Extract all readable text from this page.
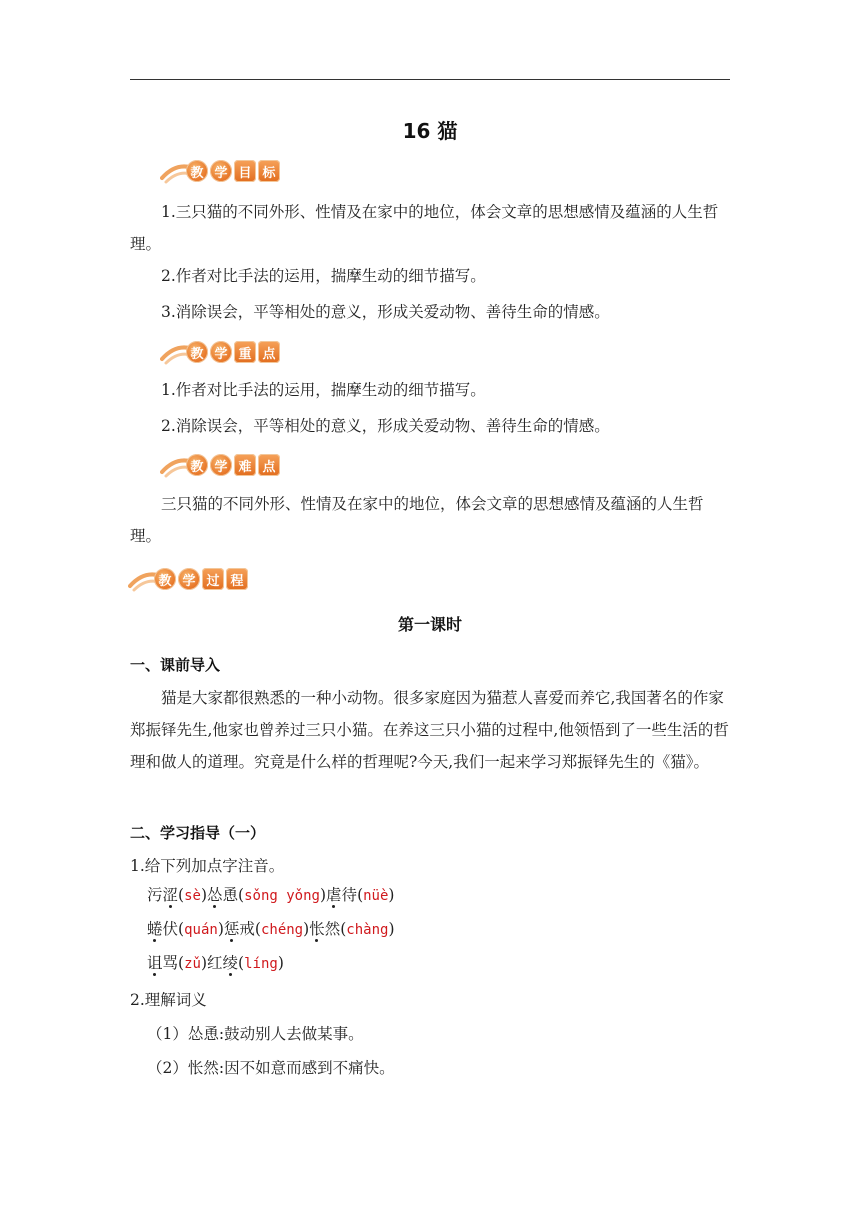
16 猫
教 学 目 标
1.三只猫的不同外形、性情及在家中的地位，体会文章的思想感情及蕴涵的人生哲理。
2.作者对比手法的运用，揣摩生动的细节描写。
3.消除误会，平等相处的意义，形成关爱动物、善待生命的情感。
教 学 重 点
1.作者对比手法的运用，揣摩生动的细节描写。
2.消除误会，平等相处的意义，形成关爱动物、善待生命的情感。
教 学 难 点
三只猫的不同外形、性情及在家中的地位，体会文章的思想感情及蕴涵的人生哲理。
教 学 过 程
第一课时
一、课前导入
猫是大家都很熟悉的一种小动物。很多家庭因为猫惹人喜爱而养它,我国著名的作家郑振铎先生,他家也曾养过三只小猫。在养这三只小猫的过程中,他领悟到了一些生活的哲理和做人的道理。究竟是什么样的哲理呢?今天,我们一起来学习郑振铎先生的《猫》。
二、学习指导（一）
1.给下列加点字注音。
污涩(sè)怂恿(sǒng yǒng)虐待(nüè)
蜷伏(quán)惩戒(chéng)怅然(chàng)
诅骂(zǔ)红绫(líng)
2.理解词义
（1）怂恿:鼓动别人去做某事。
（2）怅然:因不如意而感到不痛快。
